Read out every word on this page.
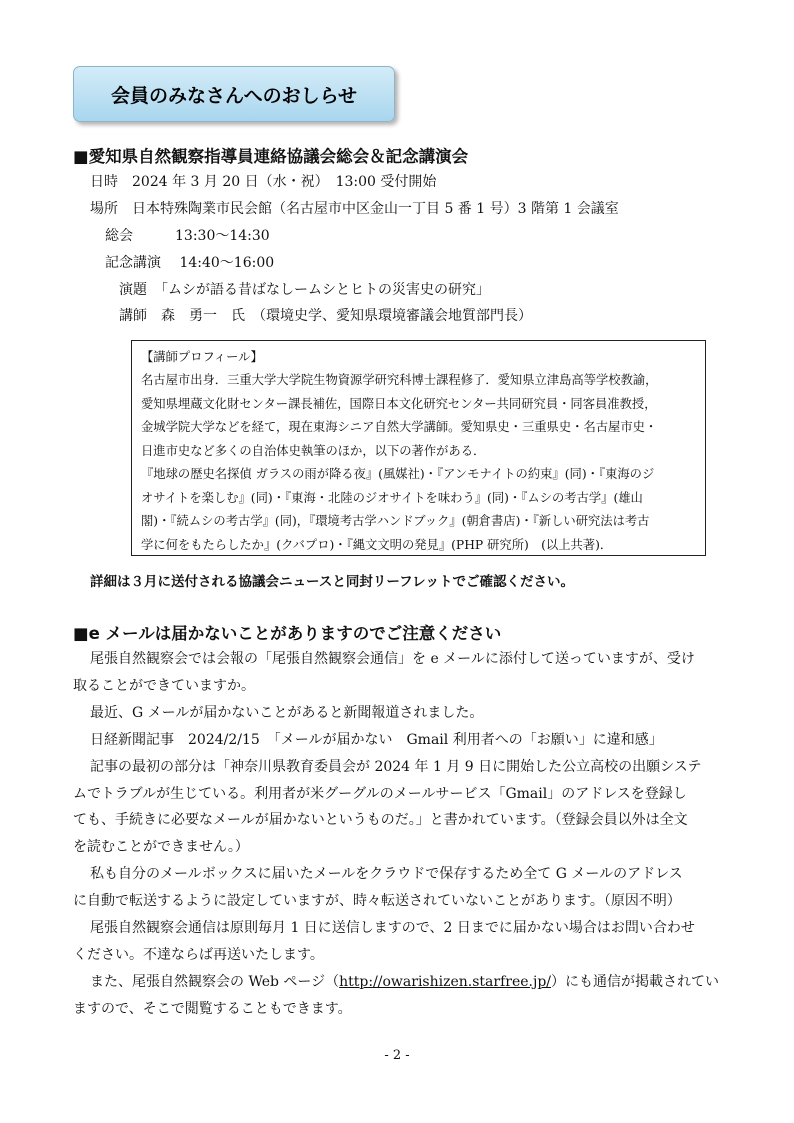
会員のみなさんへのおしらせ
■愛知県自然観察指導員連絡協議会総会＆記念講演会
日時　2024 年 3 月 20 日（水・祝）　13:00 受付開始
場所　日本特殊陶業市民会館（名古屋市中区金山一丁目 5 番 1 号）3 階第 1 会議室
総会　　　13:30～14:30
記念講演　 14:40～16:00
演題　「ムシが語る昔ばなしームシとヒトの災害史の研究」
講師　森　勇一　氏　（環境史学、愛知県環境審議会地質部門長）
【講師プロフィール】
名古屋市出身．三重大学大学院生物資源学研究科博士課程修了．愛知県立津島高等学校教諭，
愛知県埋蔵文化財センター課長補佐，国際日本文化研究センター共同研究員・同客員准教授，
金城学院大学などを経て，現在東海シニア自然大学講師。愛知県史・三重県史・名古屋市史・
日進市史など多くの自治体史執筆のほか，以下の著作がある．
『地球の歴史名探偵 ガラスの雨が降る夜』(風媒社)・『アンモナイトの約束』(同)・『東海のジ
オサイトを楽しむ』(同)・『東海・北陸のジオサイトを味わう』(同)・『ムシの考古学』(雄山
閣)・『続ムシの考古学』(同)，『環境考古学ハンドブック』(朝倉書店)・『新しい研究法は考古
学に何をもたらしたか』(クバプロ)・『縄文文明の発見』(PHP 研究所)　(以上共著)．
詳細は３月に送付される協議会ニュースと同封リーフレットでご確認ください。
■e メールは届かないことがありますのでご注意ください
尾張自然観察会では会報の「尾張自然観察会通信」を e メールに添付して送っていますが、受け
取ることができていますか。
最近、G メールが届かないことがあると新聞報道されました。
日経新聞記事　2024/2/15　「メールが届かない　Gmail 利用者への「お願い」に違和感」
記事の最初の部分は「神奈川県教育委員会が 2024 年 1 月 9 日に開始した公立高校の出願システ
ムでトラブルが生じている。利用者が米グーグルのメールサービス「Gmail」のアドレスを登録し
ても、手続きに必要なメールが届かないというものだ。」と書かれています。（登録会員以外は全文
を読むことができません。）
私も自分のメールボックスに届いたメールをクラウドで保存するため全て G メールのアドレス
に自動で転送するように設定していますが、時々転送されていないことがあります。（原因不明）
尾張自然観察会通信は原則毎月 1 日に送信しますので、2 日までに届かない場合はお問い合わせ
ください。不達ならば再送いたします。
また、尾張自然観察会の Web ページ（http://owarishizen.starfree.jp/）にも通信が掲載されてい
ますので、そこで閲覧することもできます。
- 2 -
